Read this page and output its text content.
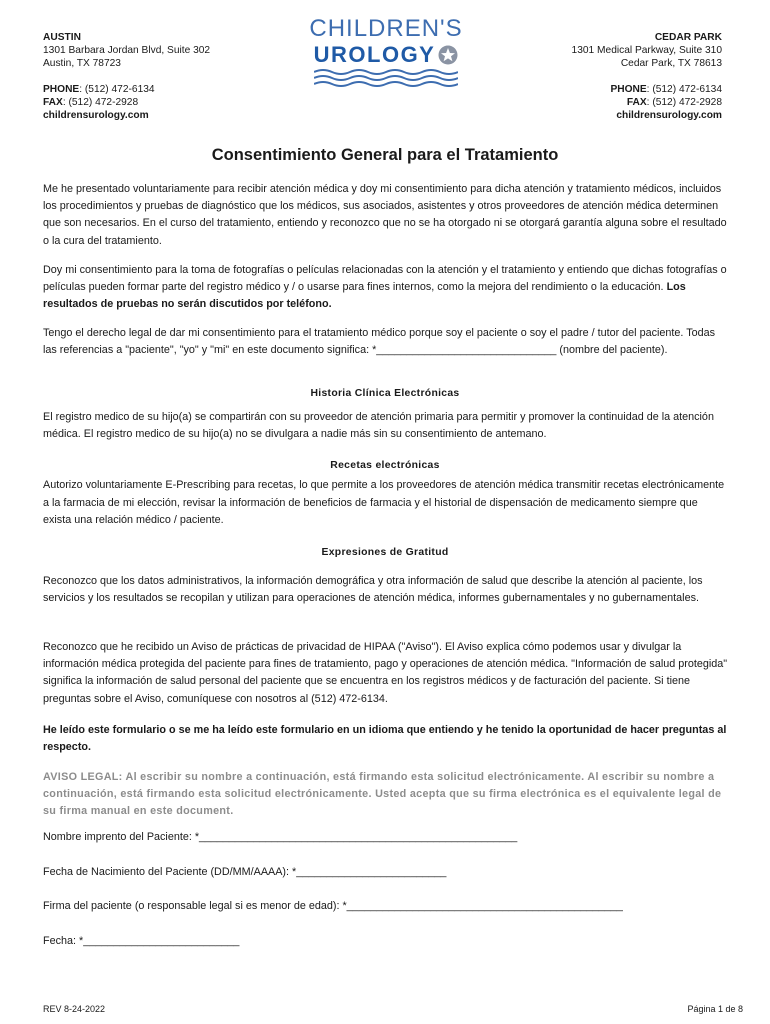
AUSTIN
1301 Barbara Jordan Blvd, Suite 302
Austin, TX 78723
PHONE: (512) 472-6134
FAX: (512) 472-2928
childrensurology.com
CHILDREN'S
UROLOGY
CEDAR PARK
1301 Medical Parkway, Suite 310
Cedar Park, TX 78613
PHONE: (512) 472-6134
FAX: (512) 472-2928
childrensurology.com
Consentimiento General para el Tratamiento
Me he presentado voluntariamente para recibir atención médica y doy mi consentimiento para dicha atención y tratamiento médicos, incluidos los procedimientos y pruebas de diagnóstico que los médicos, sus asociados, asistentes y otros proveedores de atención médica determinen que son necesarios. En el curso del tratamiento, entiendo y reconozco que no se ha otorgado ni se otorgará garantía alguna sobre el resultado o la cura del tratamiento.
Doy mi consentimiento para la toma de fotografías o películas relacionadas con la atención y el tratamiento y entiendo que dichas fotografías o películas pueden formar parte del registro médico y / o usarse para fines internos, como la mejora del rendimiento o la educación. Los resultados de pruebas no serán discutidos por teléfono.
Tengo el derecho legal de dar mi consentimiento para el tratamiento médico porque soy el paciente o soy el padre / tutor del paciente. Todas las referencias a "paciente", "yo" y "mi" en este documento significa: *______________________________ (nombre del paciente).
Historia Clínica Electrónicas
El registro medico de su hijo(a) se compartirán con su proveedor de atención primaria para permitir y promover la continuidad de la atención médica. El registro medico de su hijo(a) no se divulgara a nadie más sin su consentimiento de antemano.
Recetas electrónicas
Autorizo voluntariamente E-Prescribing para recetas, lo que permite a los proveedores de atención médica transmitir recetas electrónicamente a la farmacia de mi elección, revisar la información de beneficios de farmacia y el historial de dispensación de medicamento siempre que exista una relación médico / paciente.
Expresiones de Gratitud
Reconozco que los datos administrativos, la información demográfica y otra información de salud que describe la atención al paciente, los servicios y los resultados se recopilan y utilizan para operaciones de atención médica, informes gubernamentales y no gubernamentales.
Reconozco que he recibido un Aviso de prácticas de privacidad de HIPAA ("Aviso"). El Aviso explica cómo podemos usar y divulgar la información médica protegida del paciente para fines de tratamiento, pago y operaciones de atención médica. "Información de salud protegida" significa la información de salud personal del paciente que se encuentra en los registros médicos y de facturación del paciente. Si tiene preguntas sobre el Aviso, comuníquese con nosotros al (512) 472-6134.
He leído este formulario o se me ha leído este formulario en un idioma que entiendo y he tenido la oportunidad de hacer preguntas al respecto.
AVISO LEGAL: Al escribir su nombre a continuación, está firmando esta solicitud electrónicamente. Al escribir su nombre a continuación, está firmando esta solicitud electrónicamente. Usted acepta que su firma electrónica es el equivalente legal de su firma manual en este document.
Nombre imprento del Paciente: *_____________________________________________________
Fecha de Nacimiento del Paciente (DD/MM/AAAA): *_________________________
Firma del paciente (o responsable legal si es menor de edad): *______________________________________________
Fecha: *__________________________
REV 8-24-2022	Página 1 de 8
